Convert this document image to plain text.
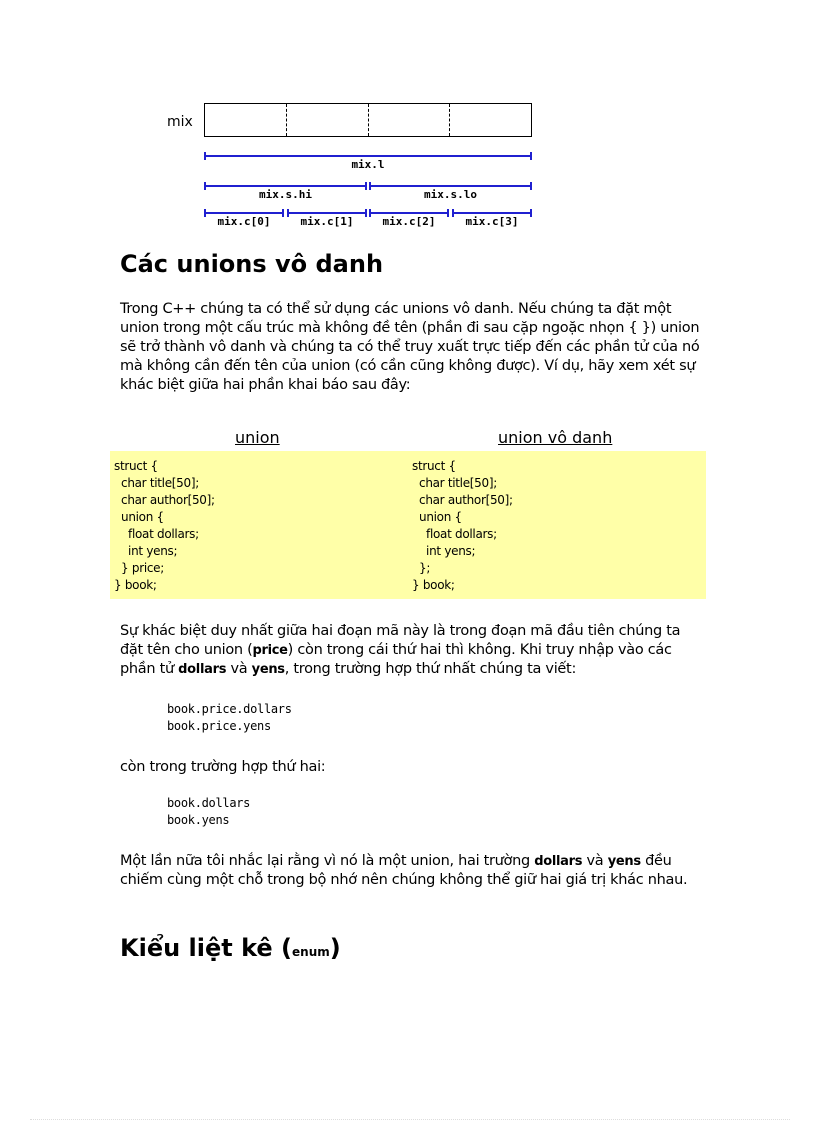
mix
mix.l
mix.s.hi	mix.s.lo
mix.c[0]	mix.c[1]	mix.c[2]	mix.c[3]
Các unions vô danh

Trong C++ chúng ta có thể sử dụng các unions vô danh. Nếu chúng ta đặt một union trong một cấu trúc mà không đề tên (phần đi sau cặp ngoặc nhọn { }) union sẽ trở thành vô danh và chúng ta có thể truy xuất trực tiếp đến các phần tử của nó mà không cần đến tên của union (có cần cũng không được). Ví dụ, hãy xem xét sự khác biệt giữa hai phần khai báo sau đây:

union	union vô danh
struct {
char title[50];
char author[50];
union {
float dollars;
int yens;
} price;
} book;
struct {
char title[50];
char author[50];
union {
float dollars;
int yens;
};
} book;

Sự khác biệt duy nhất giữa hai đoạn mã này là trong đoạn mã đầu tiên chúng ta đặt tên cho union (price) còn trong cái thứ hai thì không. Khi truy nhập vào các phần tử dollars và yens, trong trường hợp thứ nhất chúng ta viết:

book.price.dollars
book.price.yens

còn trong trường hợp thứ hai:

book.dollars
book.yens

Một lần nữa tôi nhắc lại rằng vì nó là một union, hai trường dollars và yens đều chiếm cùng một chỗ trong bộ nhớ nên chúng không thể giữ hai giá trị khác nhau.

Kiểu liệt kê (enum)
